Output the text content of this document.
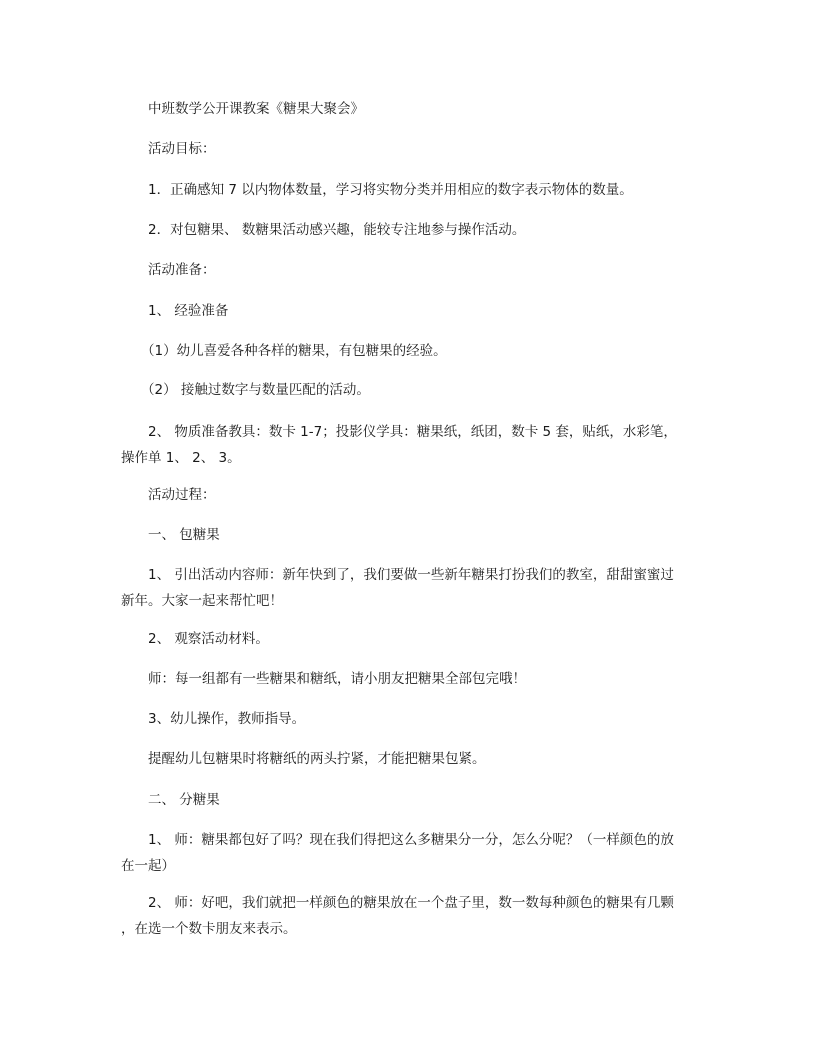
中班数学公开课教案《糖果大聚会》
活动目标：
1．正确感知 7 以内物体数量，学习将实物分类并用相应的数字表示物体的数量。
2．对包糖果、 数糖果活动感兴趣，能较专注地参与操作活动。
活动准备：
1、 经验准备
（1）幼儿喜爱各种各样的糖果，有包糖果的经验。
（2） 接触过数字与数量匹配的活动。
2、 物质准备教具：数卡 1-7；投影仪学具：糖果纸，纸团，数卡 5 套，贴纸，水彩笔，
操作单 1、 2、 3。
活动过程：
一、 包糖果
1、 引出活动内容师：新年快到了，我们要做一些新年糖果打扮我们的教室，甜甜蜜蜜过
新年。大家一起来帮忙吧！
2、 观察活动材料。
师：每一组都有一些糖果和糖纸，请小朋友把糖果全部包完哦！
3、幼儿操作，教师指导。
提醒幼儿包糖果时将糖纸的两头拧紧，才能把糖果包紧。
二、 分糖果
1、 师：糖果都包好了吗？现在我们得把这么多糖果分一分，怎么分呢？（一样颜色的放
在一起）
2、 师：好吧，我们就把一样颜色的糖果放在一个盘子里，数一数每种颜色的糖果有几颗
，在选一个数卡朋友来表示。
